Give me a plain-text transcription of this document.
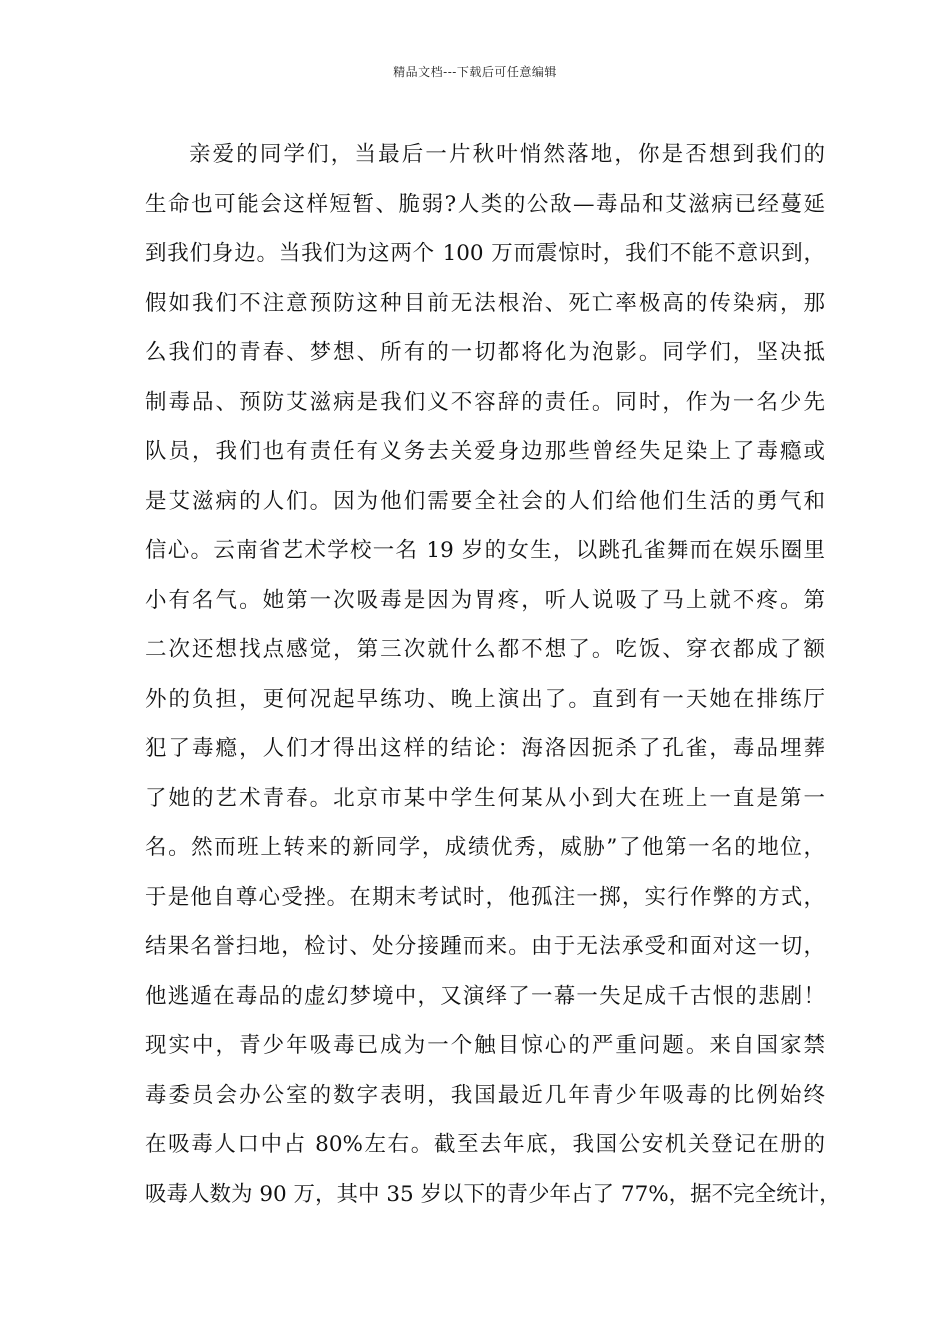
精品文档---下载后可任意编辑
亲爱的同学们，当最后一片秋叶悄然落地，你是否想到我们的
生命也可能会这样短暂、脆弱?人类的公敌—毒品和艾滋病已经蔓延
到我们身边。当我们为这两个 100 万而震惊时，我们不能不意识到，
假如我们不注意预防这种目前无法根治、死亡率极高的传染病，那
么我们的青春、梦想、所有的一切都将化为泡影。同学们，坚决抵
制毒品、预防艾滋病是我们义不容辞的责任。同时，作为一名少先
队员，我们也有责任有义务去关爱身边那些曾经失足染上了毒瘾或
是艾滋病的人们。因为他们需要全社会的人们给他们生活的勇气和
信心。云南省艺术学校一名 19 岁的女生，以跳孔雀舞而在娱乐圈里
小有名气。她第一次吸毒是因为胃疼，听人说吸了马上就不疼。第
二次还想找点感觉，第三次就什么都不想了。吃饭、穿衣都成了额
外的负担，更何况起早练功、晚上演出了。直到有一天她在排练厅
犯了毒瘾，人们才得出这样的结论：海洛因扼杀了孔雀，毒品埋葬
了她的艺术青春。北京市某中学生何某从小到大在班上一直是第一
名。然而班上转来的新同学，成绩优秀，威胁”了他第一名的地位，
于是他自尊心受挫。在期末考试时，他孤注一掷，实行作弊的方式，
结果名誉扫地，检讨、处分接踵而来。由于无法承受和面对这一切，
他逃遁在毒品的虚幻梦境中，又演绎了一幕一失足成千古恨的悲剧！
现实中，青少年吸毒已成为一个触目惊心的严重问题。来自国家禁
毒委员会办公室的数字表明，我国最近几年青少年吸毒的比例始终
在吸毒人口中占 80%左右。截至去年底，我国公安机关登记在册的
吸毒人数为 90 万，其中 35 岁以下的青少年占了 77%，据不完全统计，
